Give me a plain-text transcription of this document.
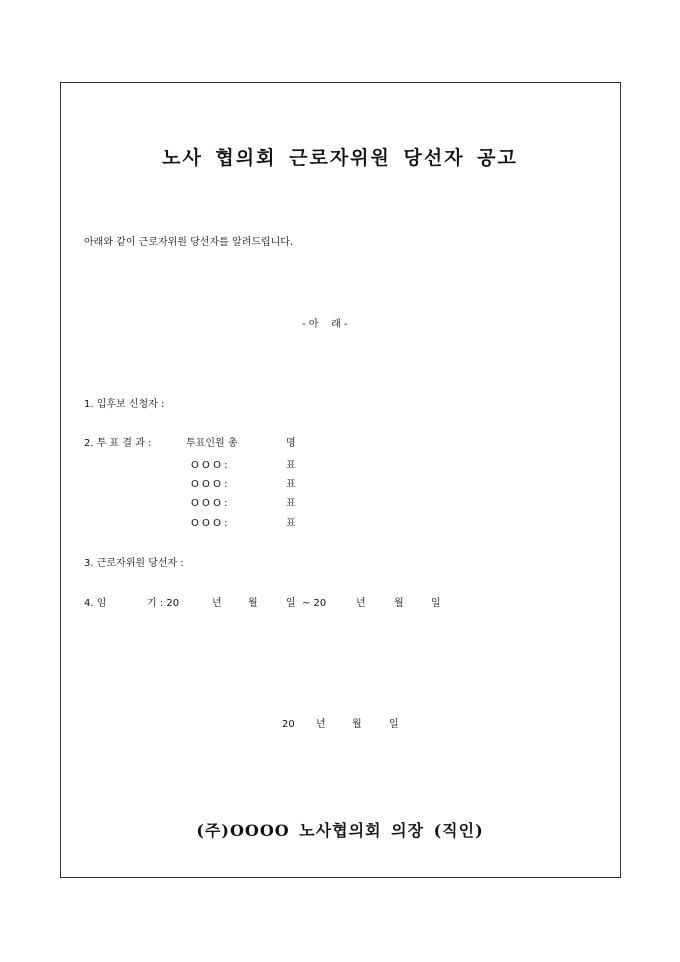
노사 협의회 근로자위원 당선자 공고
아래와 같이 근로자위원 당선자를 알려드립니다.
- 아    래 -
1. 입후보 신청자 :
2. 투 표 결 과 :	투표인원 총	명
O O O :	표
O O O :	표
O O O :	표
O O O :	표
3. 근로자위원 당선자 :
4. 임	기 : 20	년	월	일 ~ 20	년	월	일
20 년	월	일
(주)OOOO 노사협의회 의장 (직인)
